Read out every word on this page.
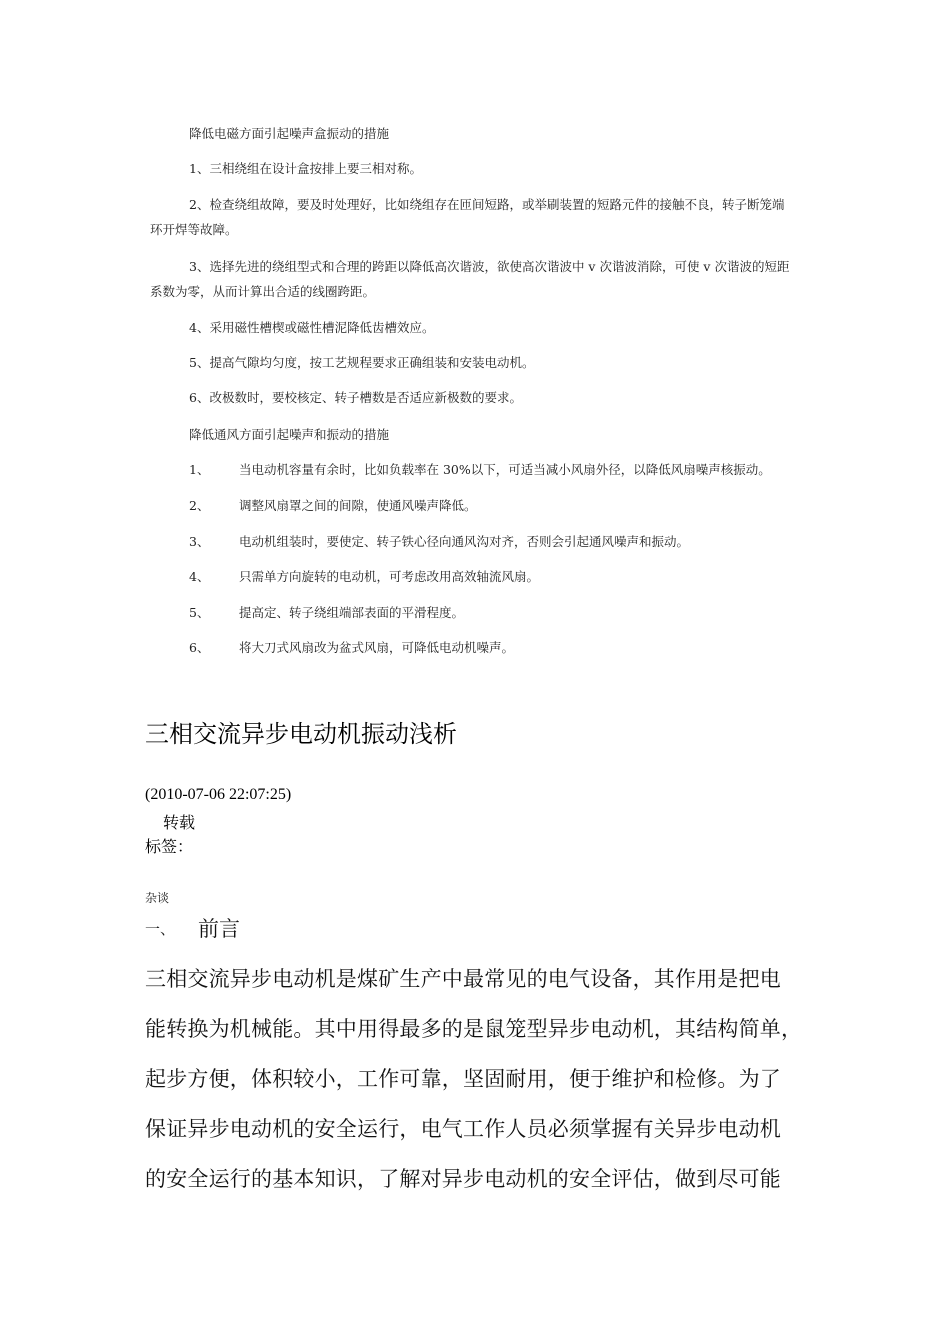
降低电磁方面引起噪声盒振动的措施
1、三相绕组在设计盒按排上要三相对称。
2、检查绕组故障，要及时处理好，比如绕组存在匝间短路，或举刷装置的短路元件的接触不良，转子断笼端
环开焊等故障。
3、选择先进的绕组型式和合理的跨距以降低高次谐波，欲使高次谐波中 v 次谐波消除，可使 v 次谐波的短距
系数为零，从而计算出合适的线圈跨距。
4、采用磁性槽楔或磁性槽泥降低齿槽效应。
5、提高气隙均匀度，按工艺规程要求正确组装和安装电动机。
6、改极数时，要校核定、转子槽数是否适应新极数的要求。
降低通风方面引起噪声和振动的措施
1、 当电动机容量有余时，比如负载率在 30%以下，可适当减小风扇外径，以降低风扇噪声核振动。
2、 调整风扇罩之间的间隙，使通风噪声降低。
3、 电动机组装时，要使定、转子铁心径向通风沟对齐，否则会引起通风噪声和振动。
4、 只需单方向旋转的电动机，可考虑改用高效轴流风扇。
5、 提高定、转子绕组端部表面的平滑程度。
6、 将大刀式风扇改为盆式风扇，可降低电动机噪声。
三相交流异步电动机振动浅析
(2010-07-06 22:07:25)
转载
标签：
杂谈
一、 前言
三相交流异步电动机是煤矿生产中最常见的电气设备，其作用是把电
能转换为机械能。其中用得最多的是鼠笼型异步电动机，其结构简单，
起步方便，体积较小，工作可靠，坚固耐用，便于维护和检修。为了
保证异步电动机的安全运行，电气工作人员必须掌握有关异步电动机
的安全运行的基本知识，了解对异步电动机的安全评估，做到尽可能
